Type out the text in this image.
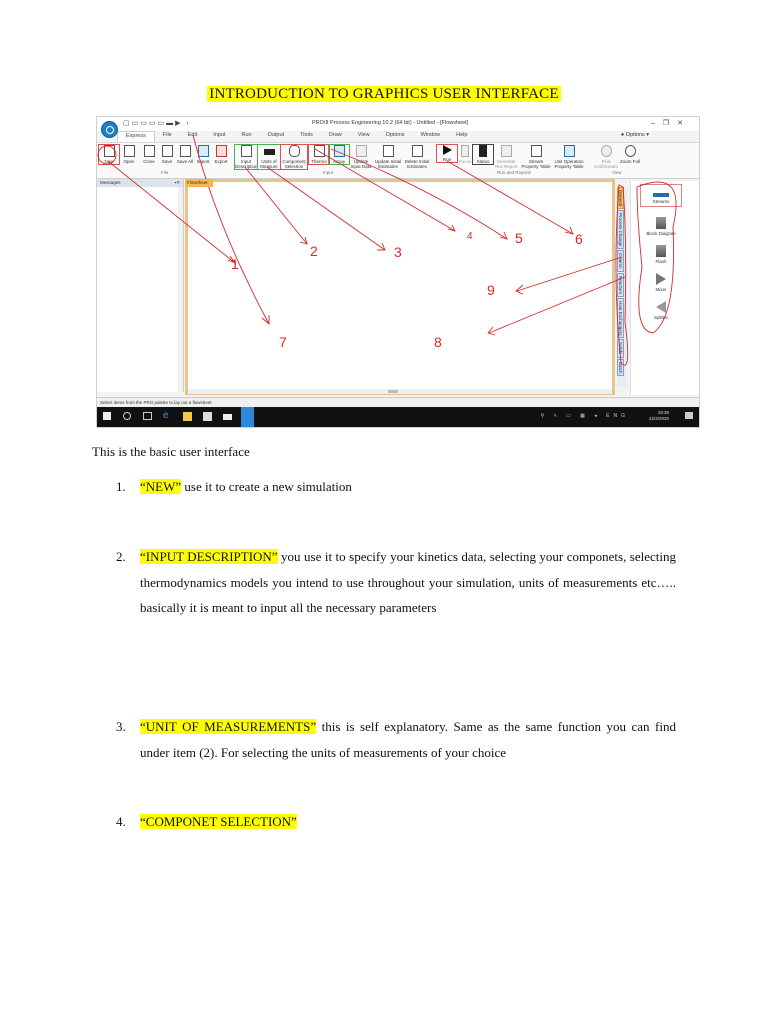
INTRODUCTION TO GRAPHICS USER INTERFACE
▢▭▭▭▭▬▶ ‹	PRO/II Process Engineering 10.2 (64 bit) - Untitled - [Flowsheet]	–❐✕
Express	File	Edit	Input	Run	Output	Tools	Draw	View	Options	Window	Help	● Options ▾
New	Open	Close	Save	Save All Import	Export
File
Input Description
Units of Measure
Component Selection
Thermo	Assay	Update Input Data
Update Initial Estimates
Delete Initial Estimates
Input
Run	Pause	Status	Generate Text Report
Stream Property Table
Unit Operation Property Table
Run and Reports
Find Unit/Stream
Zoom Full
View
Messages	▪✕	Flowsheet
General
Process Change
Column
Reactors
Heat Exchangers
Solids
Batch
Streams
Block Diagram
Flash
Mixer
Splitter
Select items from the PRO palette to lay out a flowsheet.
e	⚲ ˄ ▭ ▦ ◂ ENG
19:36
22/4/2020
1
2	3
4	5	6
7	8
9
This is the basic user interface
1. “NEW” use it to create a new simulation
2. “INPUT DESCRIPTION” you use it to specify your kinetics data, selecting your componets, selecting thermodynamics models you intend to use throughout your simulation, units of measurements etc….. basically it is meant to input all the necessary parameters
3. “UNIT OF MEASUREMENTS” this is self explanatory. Same as the same function you can find under item (2). For selecting the units of measurements of your choice
4. “COMPONET SELECTION”
